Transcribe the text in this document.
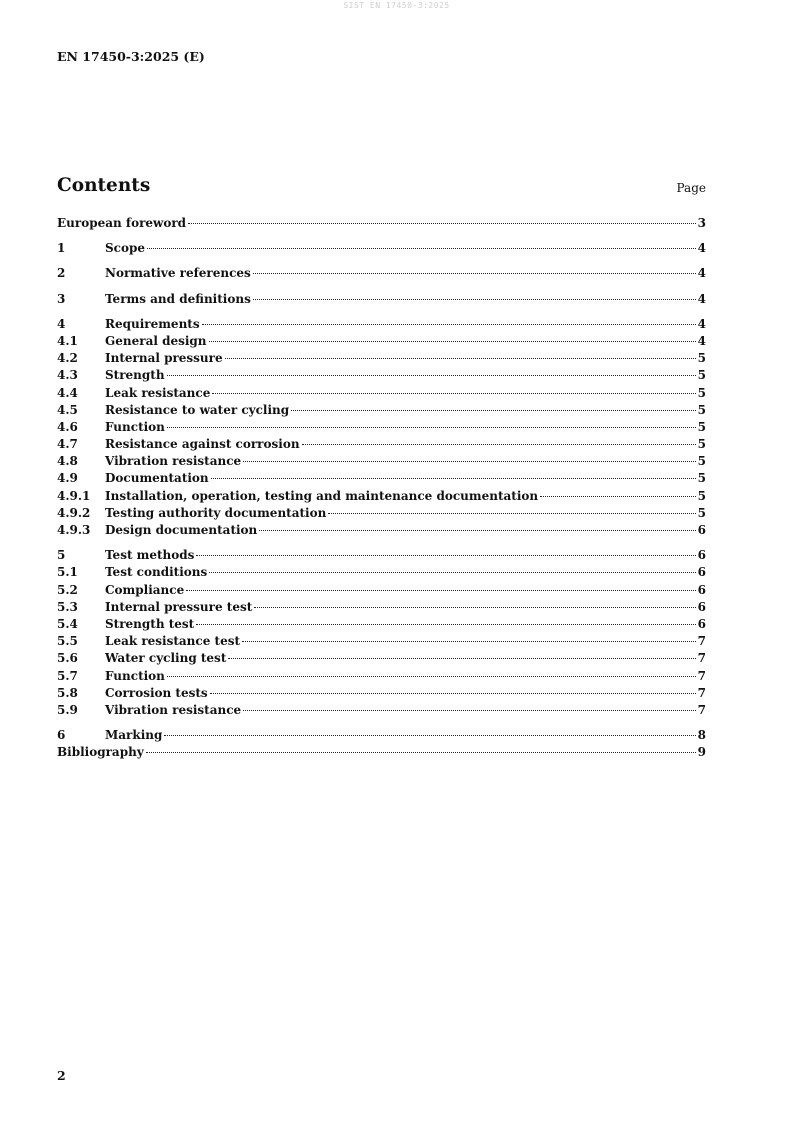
SIST EN 17450-3:2025
EN 17450-3:2025 (E)
Contents	Page
European foreword	3
1	Scope	4
2	Normative references	4
3	Terms and definitions	4
4	Requirements	4
4.1	General design	4
4.2	Internal pressure	5
4.3	Strength	5
4.4	Leak resistance	5
4.5	Resistance to water cycling	5
4.6	Function	5
4.7	Resistance against corrosion	5
4.8	Vibration resistance	5
4.9	Documentation	5
4.9.1	Installation, operation, testing and maintenance documentation	5
4.9.2	Testing authority documentation	5
4.9.3	Design documentation	6
5	Test methods	6
5.1	Test conditions	6
5.2	Compliance	6
5.3	Internal pressure test	6
5.4	Strength test	6
5.5	Leak resistance test	7
5.6	Water cycling test	7
5.7	Function	7
5.8	Corrosion tests	7
5.9	Vibration resistance	7
6	Marking	8
Bibliography	9
2
